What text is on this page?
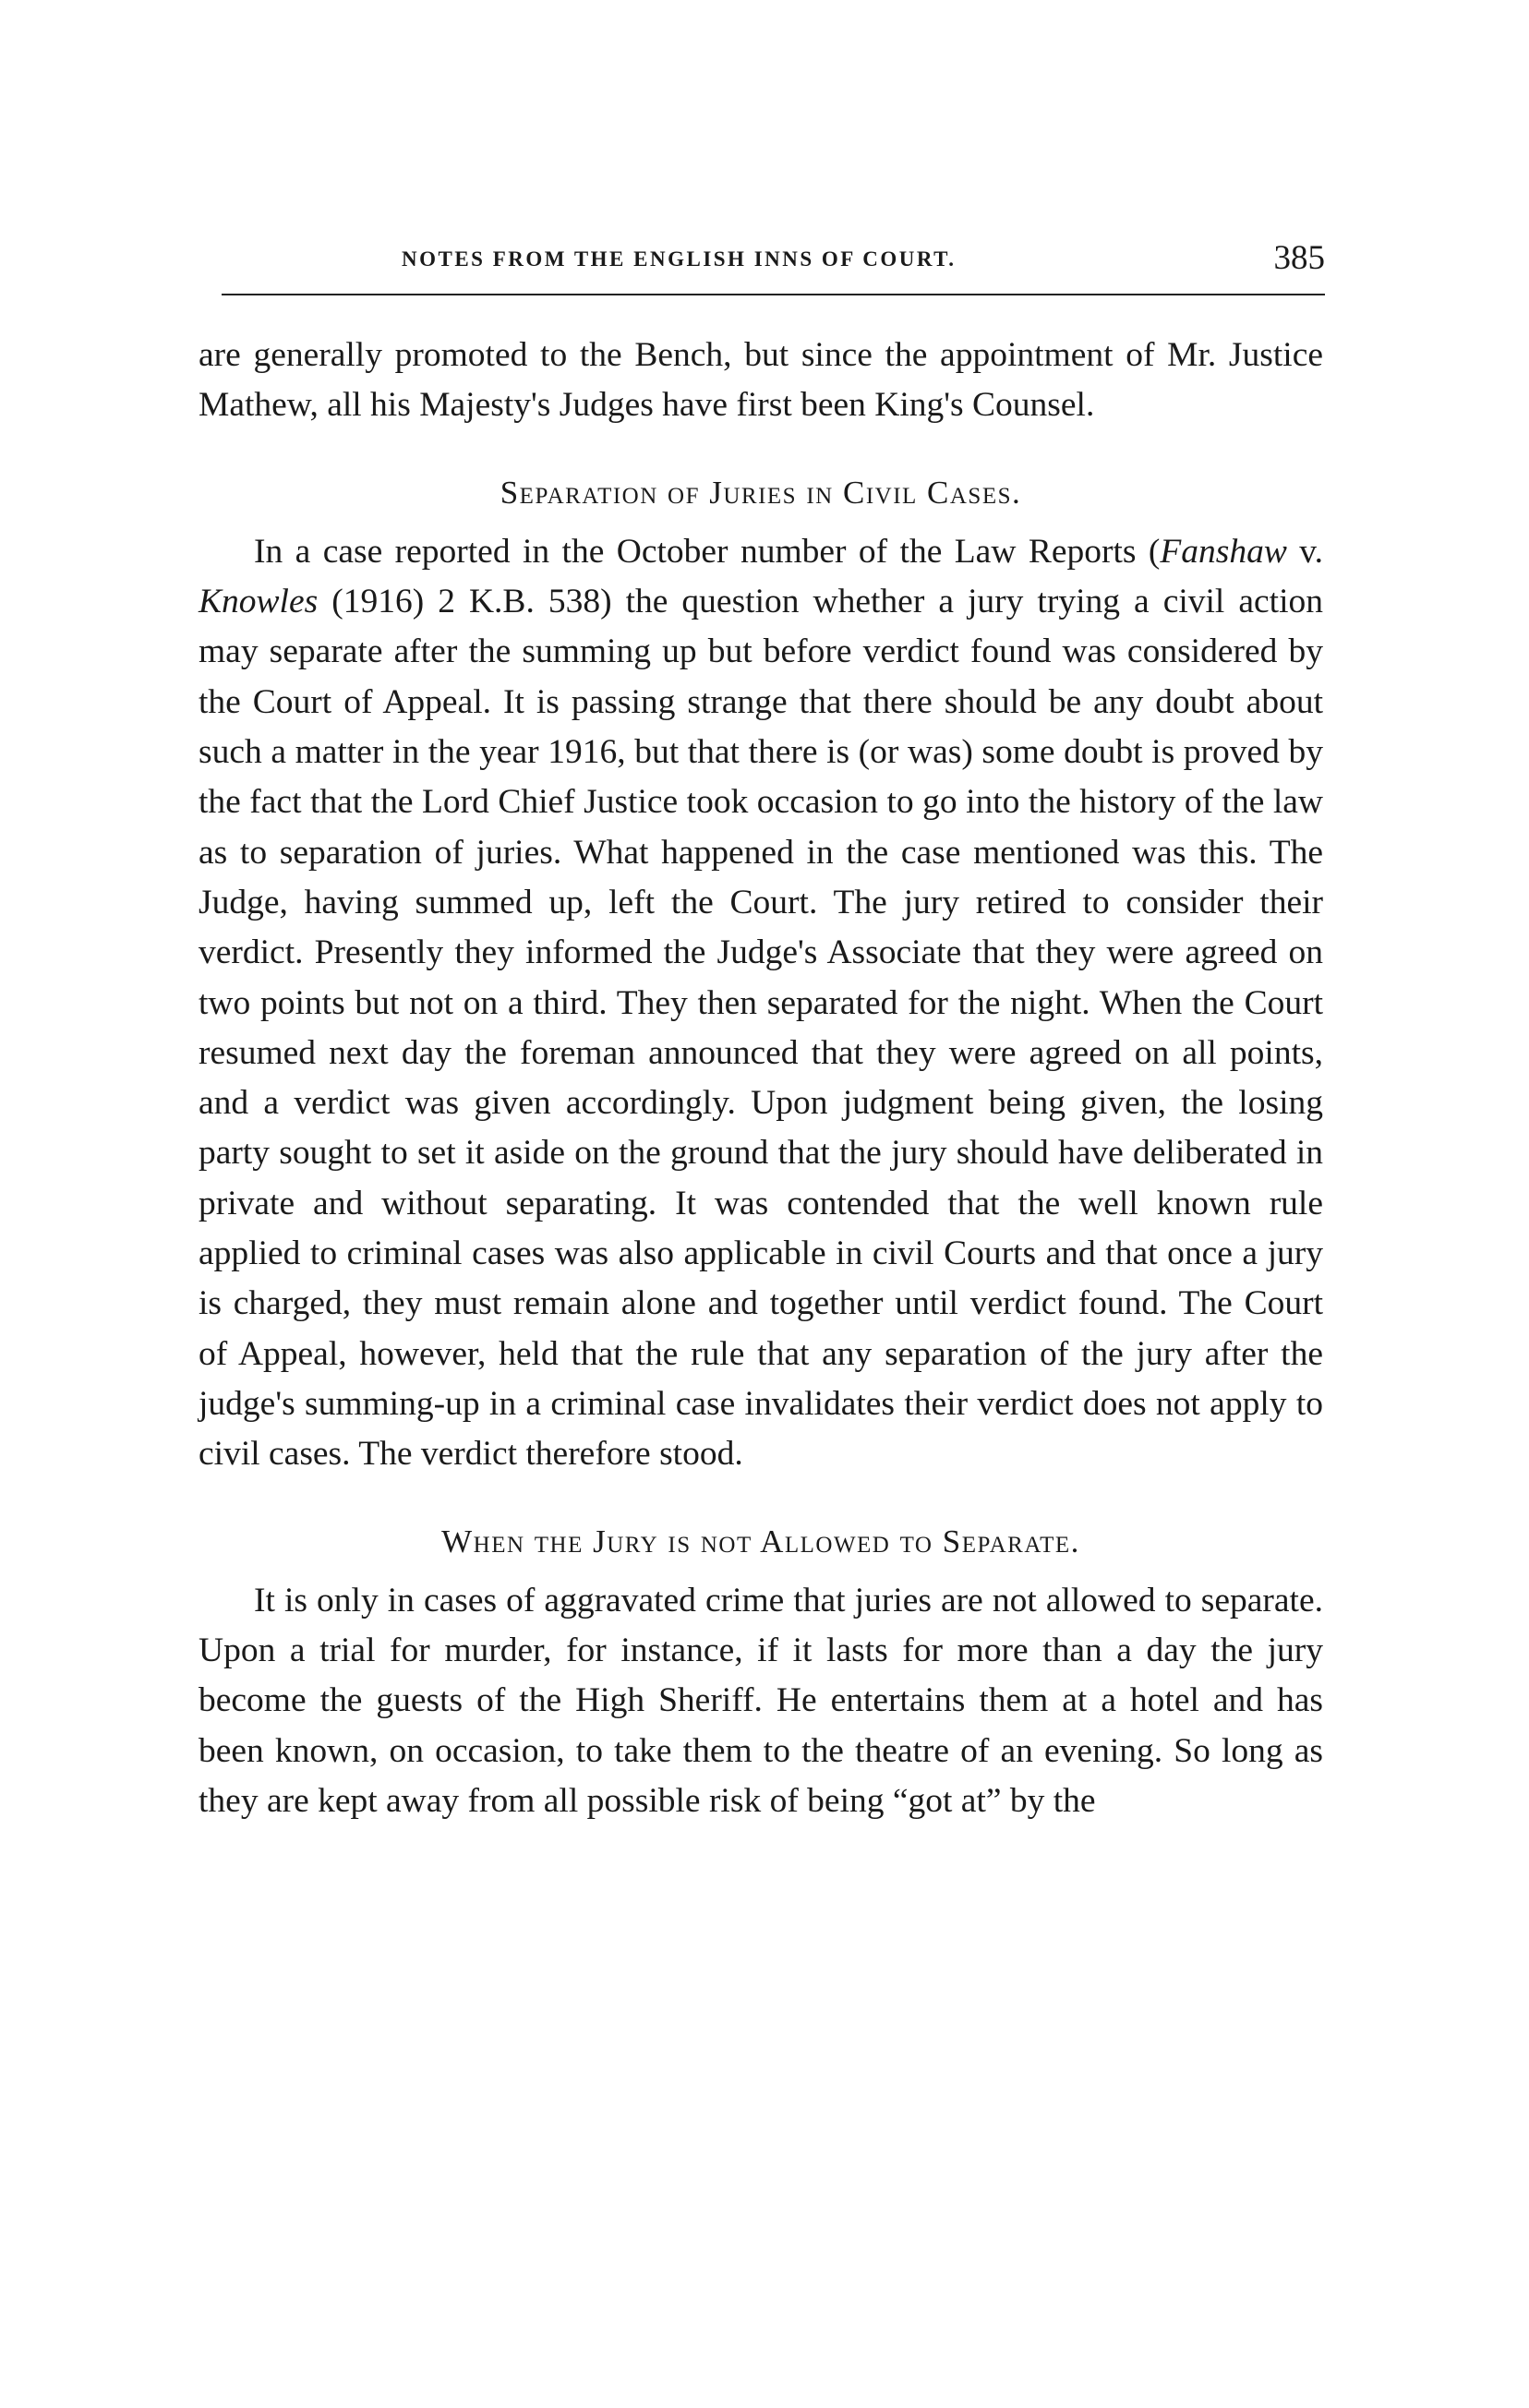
NOTES FROM THE ENGLISH INNS OF COURT.	385

are generally promoted to the Bench, but since the appointment of Mr. Justice Mathew, all his Majesty's Judges have first been King's Counsel.

Separation of Juries in Civil Cases.

In a case reported in the October number of the Law Reports (Fanshaw v. Knowles (1916) 2 K.B. 538) the question whether a jury trying a civil action may separate after the summing up but before verdict found was considered by the Court of Appeal. It is passing strange that there should be any doubt about such a matter in the year 1916, but that there is (or was) some doubt is proved by the fact that the Lord Chief Justice took occasion to go into the history of the law as to separation of juries. What happened in the case mentioned was this. The Judge, having summed up, left the Court. The jury retired to consider their verdict. Presently they informed the Judge's Associate that they were agreed on two points but not on a third. They then separated for the night. When the Court resumed next day the foreman announced that they were agreed on all points, and a verdict was given accordingly. Upon judgment being given, the losing party sought to set it aside on the ground that the jury should have deliberated in private and without separating. It was contended that the well known rule applied to criminal cases was also applicable in civil Courts and that once a jury is charged, they must remain alone and together until verdict found. The Court of Appeal, however, held that the rule that any separation of the jury after the judge's summing-up in a criminal case invalidates their verdict does not apply to civil cases. The verdict therefore stood.

When the Jury is not Allowed to Separate.

It is only in cases of aggravated crime that juries are not allowed to separate. Upon a trial for murder, for instance, if it lasts for more than a day the jury become the guests of the High Sheriff. He entertains them at a hotel and has been known, on occasion, to take them to the theatre of an evening. So long as they are kept away from all possible risk of being “got at” by the
